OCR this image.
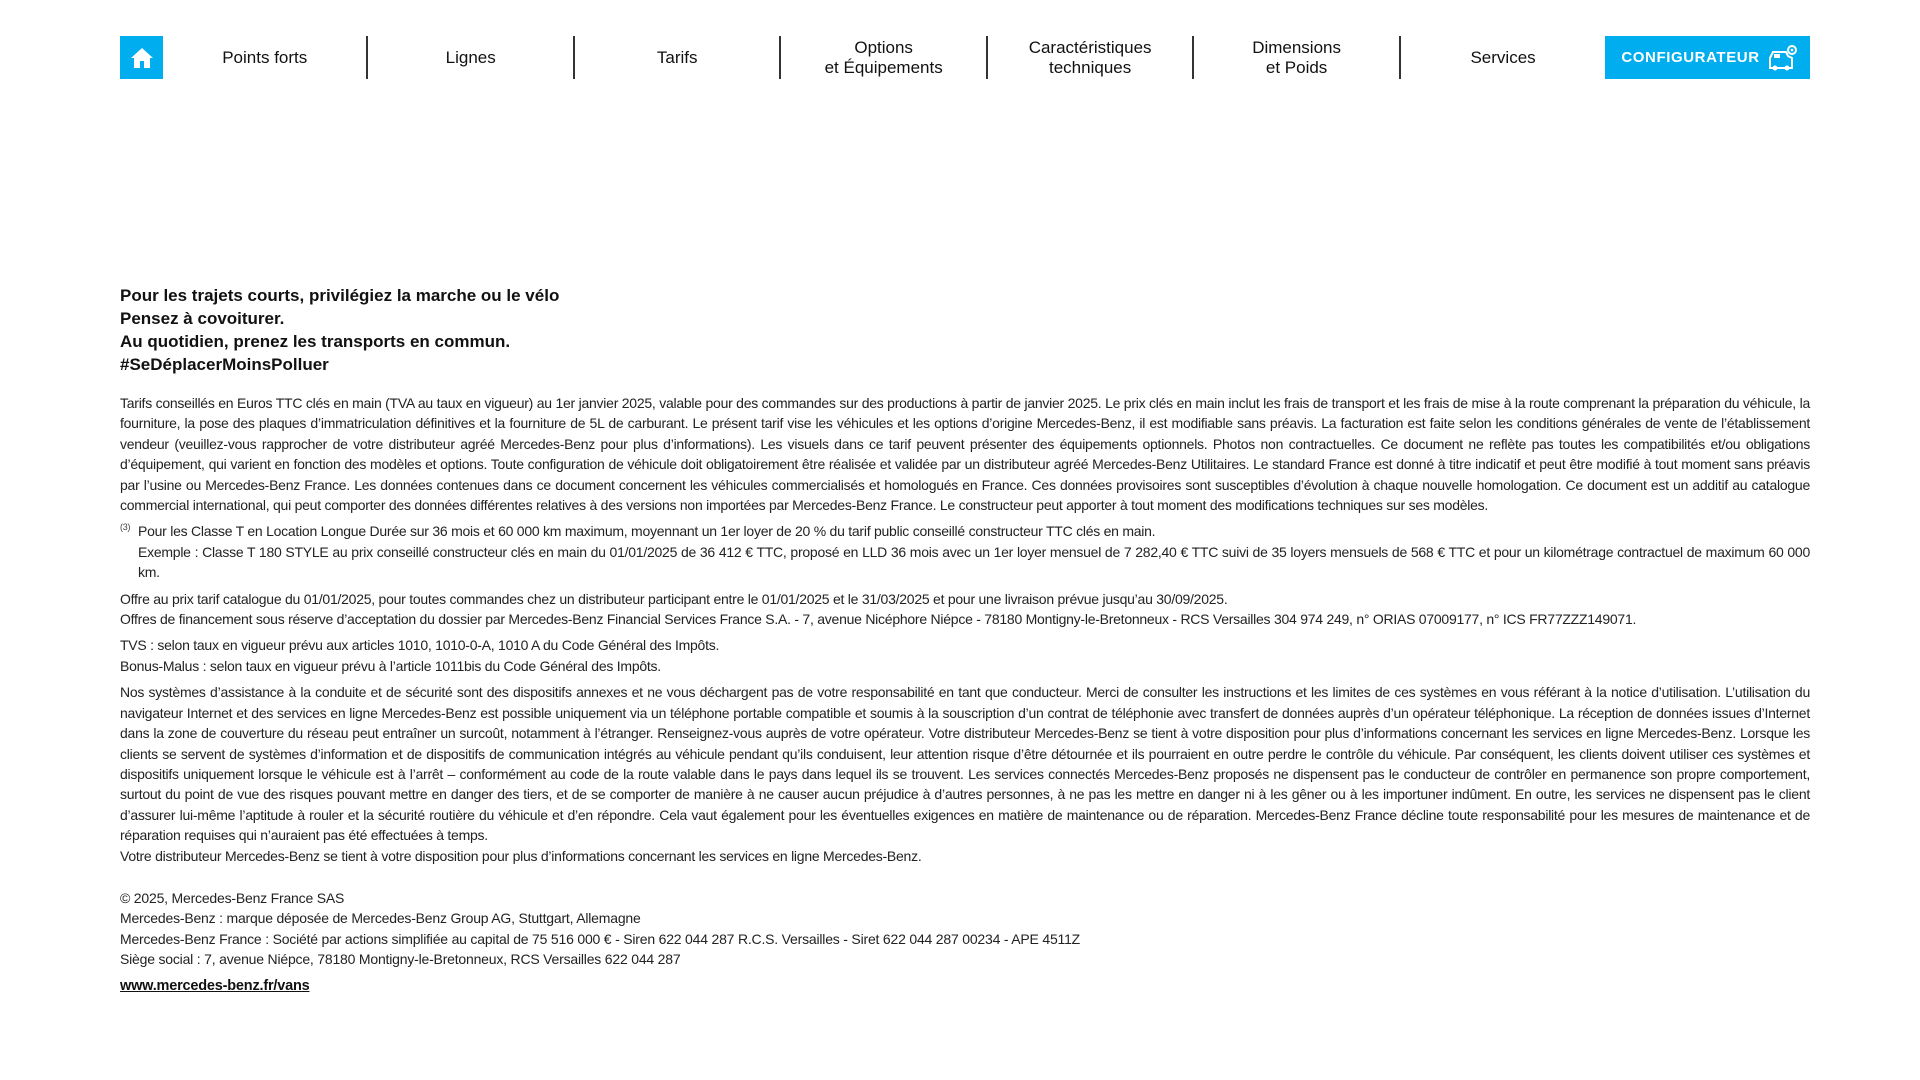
Points forts	Lignes	Tarifs
Options
et Équipements
Caractéristiques
techniques
Dimensions
et Poids
Services	CONFIGURATEUR
Pour les trajets courts, privilégiez la marche ou le vélo
Pensez à covoiturer.
Au quotidien, prenez les transports en commun.
#SeDéplacerMoinsPolluer

Tarifs conseillés en Euros TTC clés en main (TVA au taux en vigueur) au 1er janvier 2025, valable pour des commandes sur des productions à partir de janvier 2025. Le prix clés en main inclut les frais de transport et les frais de mise à la route comprenant la préparation du véhicule, la fourniture, la pose des plaques d’immatriculation définitives et la fourniture de 5L de carburant. Le présent tarif vise les véhicules et les options d’origine Mercedes-Benz, il est modifiable sans préavis. La facturation est faite selon les conditions générales de vente de l’établissement vendeur (veuillez-vous rapprocher de votre distributeur agréé Mercedes-Benz pour plus d’informations). Les visuels dans ce tarif peuvent présenter des équipements optionnels. Photos non contractuelles. Ce document ne reflète pas toutes les compatibilités et/ou obligations d’équipement, qui varient en fonction des modèles et options. Toute configuration de véhicule doit obligatoirement être réalisée et validée par un distributeur agréé Mercedes-Benz Utilitaires. Le standard France est donné à titre indicatif et peut être modifié à tout moment sans préavis par l’usine ou Mercedes-Benz France. Les données contenues dans ce document concernent les véhicules commercialisés et homologués en France. Ces données provisoires sont susceptibles d’évolution à chaque nouvelle homologation. Ce document est un additif au catalogue commercial international, qui peut comporter des données différentes relatives à des versions non importées par Mercedes-Benz France. Le constructeur peut apporter à tout moment des modifications techniques sur ses modèles.

(3) Pour les Classe T en Location Longue Durée sur 36 mois et 60 000 km maximum, moyennant un 1er loyer de 20 % du tarif public conseillé constructeur TTC clés en main.
Exemple : Classe T 180 STYLE au prix conseillé constructeur clés en main du 01/01/2025 de 36 412 € TTC, proposé en LLD 36 mois avec un 1er loyer mensuel de 7 282,40 € TTC suivi de 35 loyers mensuels de 568 € TTC et pour un kilométrage contractuel de maximum 60 000 km.
Offre au prix tarif catalogue du 01/01/2025, pour toutes commandes chez un distributeur participant entre le 01/01/2025 et le 31/03/2025 et pour une livraison prévue jusqu’au 30/09/2025.
Offres de financement sous réserve d’acceptation du dossier par Mercedes-Benz Financial Services France S.A. - 7, avenue Nicéphore Niépce - 78180 Montigny-le-Bretonneux - RCS Versailles 304 974 249, n° ORIAS 07009177, n° ICS FR77ZZZ149071.
TVS : selon taux en vigueur prévu aux articles 1010, 1010-0-A, 1010 A du Code Général des Impôts.
Bonus-Malus : selon taux en vigueur prévu à l’article 1011bis du Code Général des Impôts.
Nos systèmes d’assistance à la conduite et de sécurité sont des dispositifs annexes et ne vous déchargent pas de votre responsabilité en tant que conducteur. Merci de consulter les instructions et les limites de ces systèmes en vous référant à la notice d’utilisation. L’utilisation du navigateur Internet et des services en ligne Mercedes-Benz est possible uniquement via un téléphone portable compatible et soumis à la souscription d’un contrat de téléphonie avec transfert de données auprès d’un opérateur téléphonique. La réception de données issues d’Internet dans la zone de couverture du réseau peut entraîner un surcoût, notamment à l’étranger. Renseignez-vous auprès de votre opérateur. Votre distributeur Mercedes-Benz se tient à votre disposition pour plus d’informations concernant les services en ligne Mercedes-Benz. Lorsque les clients se servent de systèmes d’information et de dispositifs de communication intégrés au véhicule pendant qu’ils conduisent, leur attention risque d’être détournée et ils pourraient en outre perdre le contrôle du véhicule. Par conséquent, les clients doivent utiliser ces systèmes et dispositifs uniquement lorsque le véhicule est à l’arrêt – conformément au code de la route valable dans le pays dans lequel ils se trouvent. Les services connectés Mercedes-Benz proposés ne dispensent pas le conducteur de contrôler en permanence son propre comportement, surtout du point de vue des risques pouvant mettre en danger des tiers, et de se comporter de manière à ne causer aucun préjudice à d’autres personnes, à ne pas les mettre en danger ni à les gêner ou à les importuner indûment. En outre, les services ne dispensent pas le client d’assurer lui-même l’aptitude à rouler et la sécurité routière du véhicule et d’en répondre. Cela vaut également pour les éventuelles exigences en matière de maintenance ou de réparation. Mercedes-Benz France décline toute responsabilité pour les mesures de maintenance et de réparation requises qui n’auraient pas été effectuées à temps.
Votre distributeur Mercedes-Benz se tient à votre disposition pour plus d’informations concernant les services en ligne Mercedes-Benz.
© 2025, Mercedes-Benz France SAS
Mercedes-Benz : marque déposée de Mercedes-Benz Group AG, Stuttgart, Allemagne
Mercedes-Benz France : Société par actions simplifiée au capital de 75 516 000 € - Siren 622 044 287 R.C.S. Versailles - Siret 622 044 287 00234 - APE 4511Z
Siège social : 7, avenue Niépce, 78180 Montigny-le-Bretonneux, RCS Versailles 622 044 287
www.mercedes-benz.fr/vans
